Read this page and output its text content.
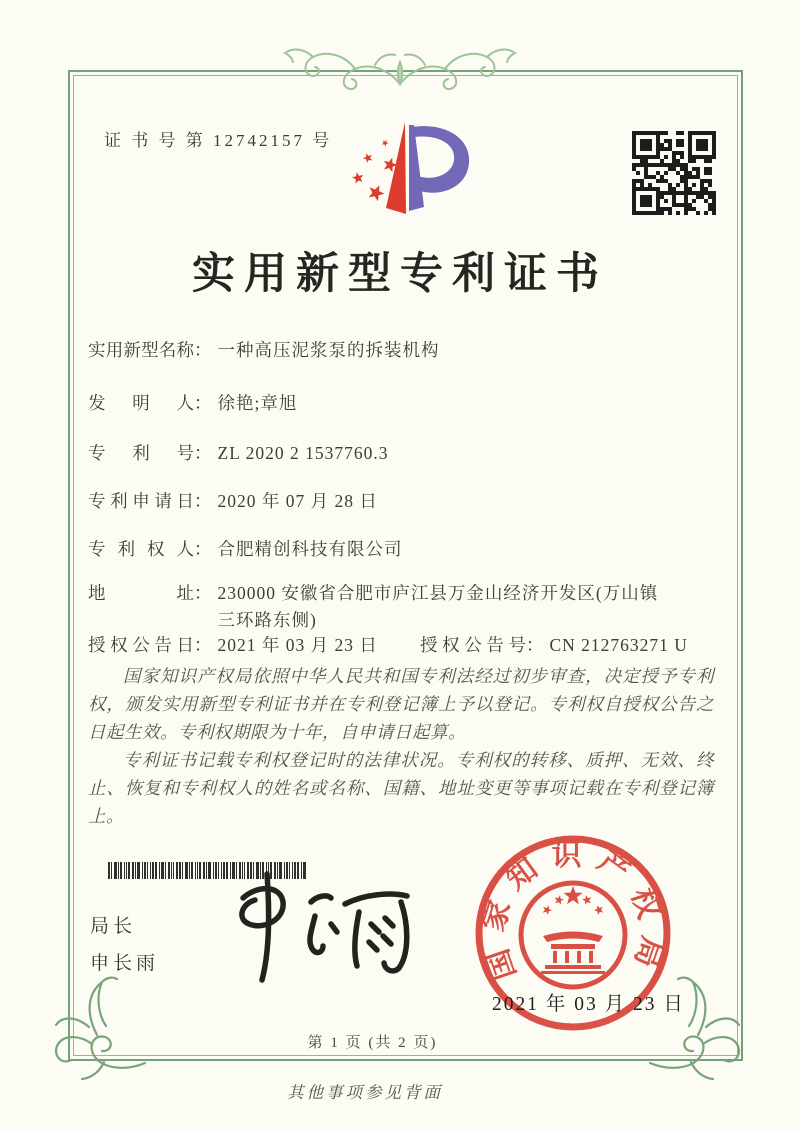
证 书 号 第 12742157 号
实用新型专利证书
实用新型名称： 一种高压泥浆泵的拆装机构
发明人： 徐艳;章旭
专利号： ZL 2020 2 1537760.3
专利申请日： 2020 年 07 月 28 日
专利权人： 合肥精创科技有限公司
地址： 230000 安徽省合肥市庐江县万金山经济开发区(万山镇三环路东侧)
授权公告日： 2021 年 03 月 23 日 授权公告号： CN 212763271 U

国家知识产权局依照中华人民共和国专利法经过初步审查，决定授予专利权，颁发实用新型专利证书并在专利登记簿上予以登记。专利权自授权公告之日起生效。专利权期限为十年，自申请日起算。

专利证书记载专利权登记时的法律状况。专利权的转移、质押、无效、终止、恢复和专利权人的姓名或名称、国籍、地址变更等事项记载在专利登记簿上。

局长
申长雨	国家知识产权局
2021 年 03 月 23 日
第 1 页 (共 2 页)
其他事项参见背面
